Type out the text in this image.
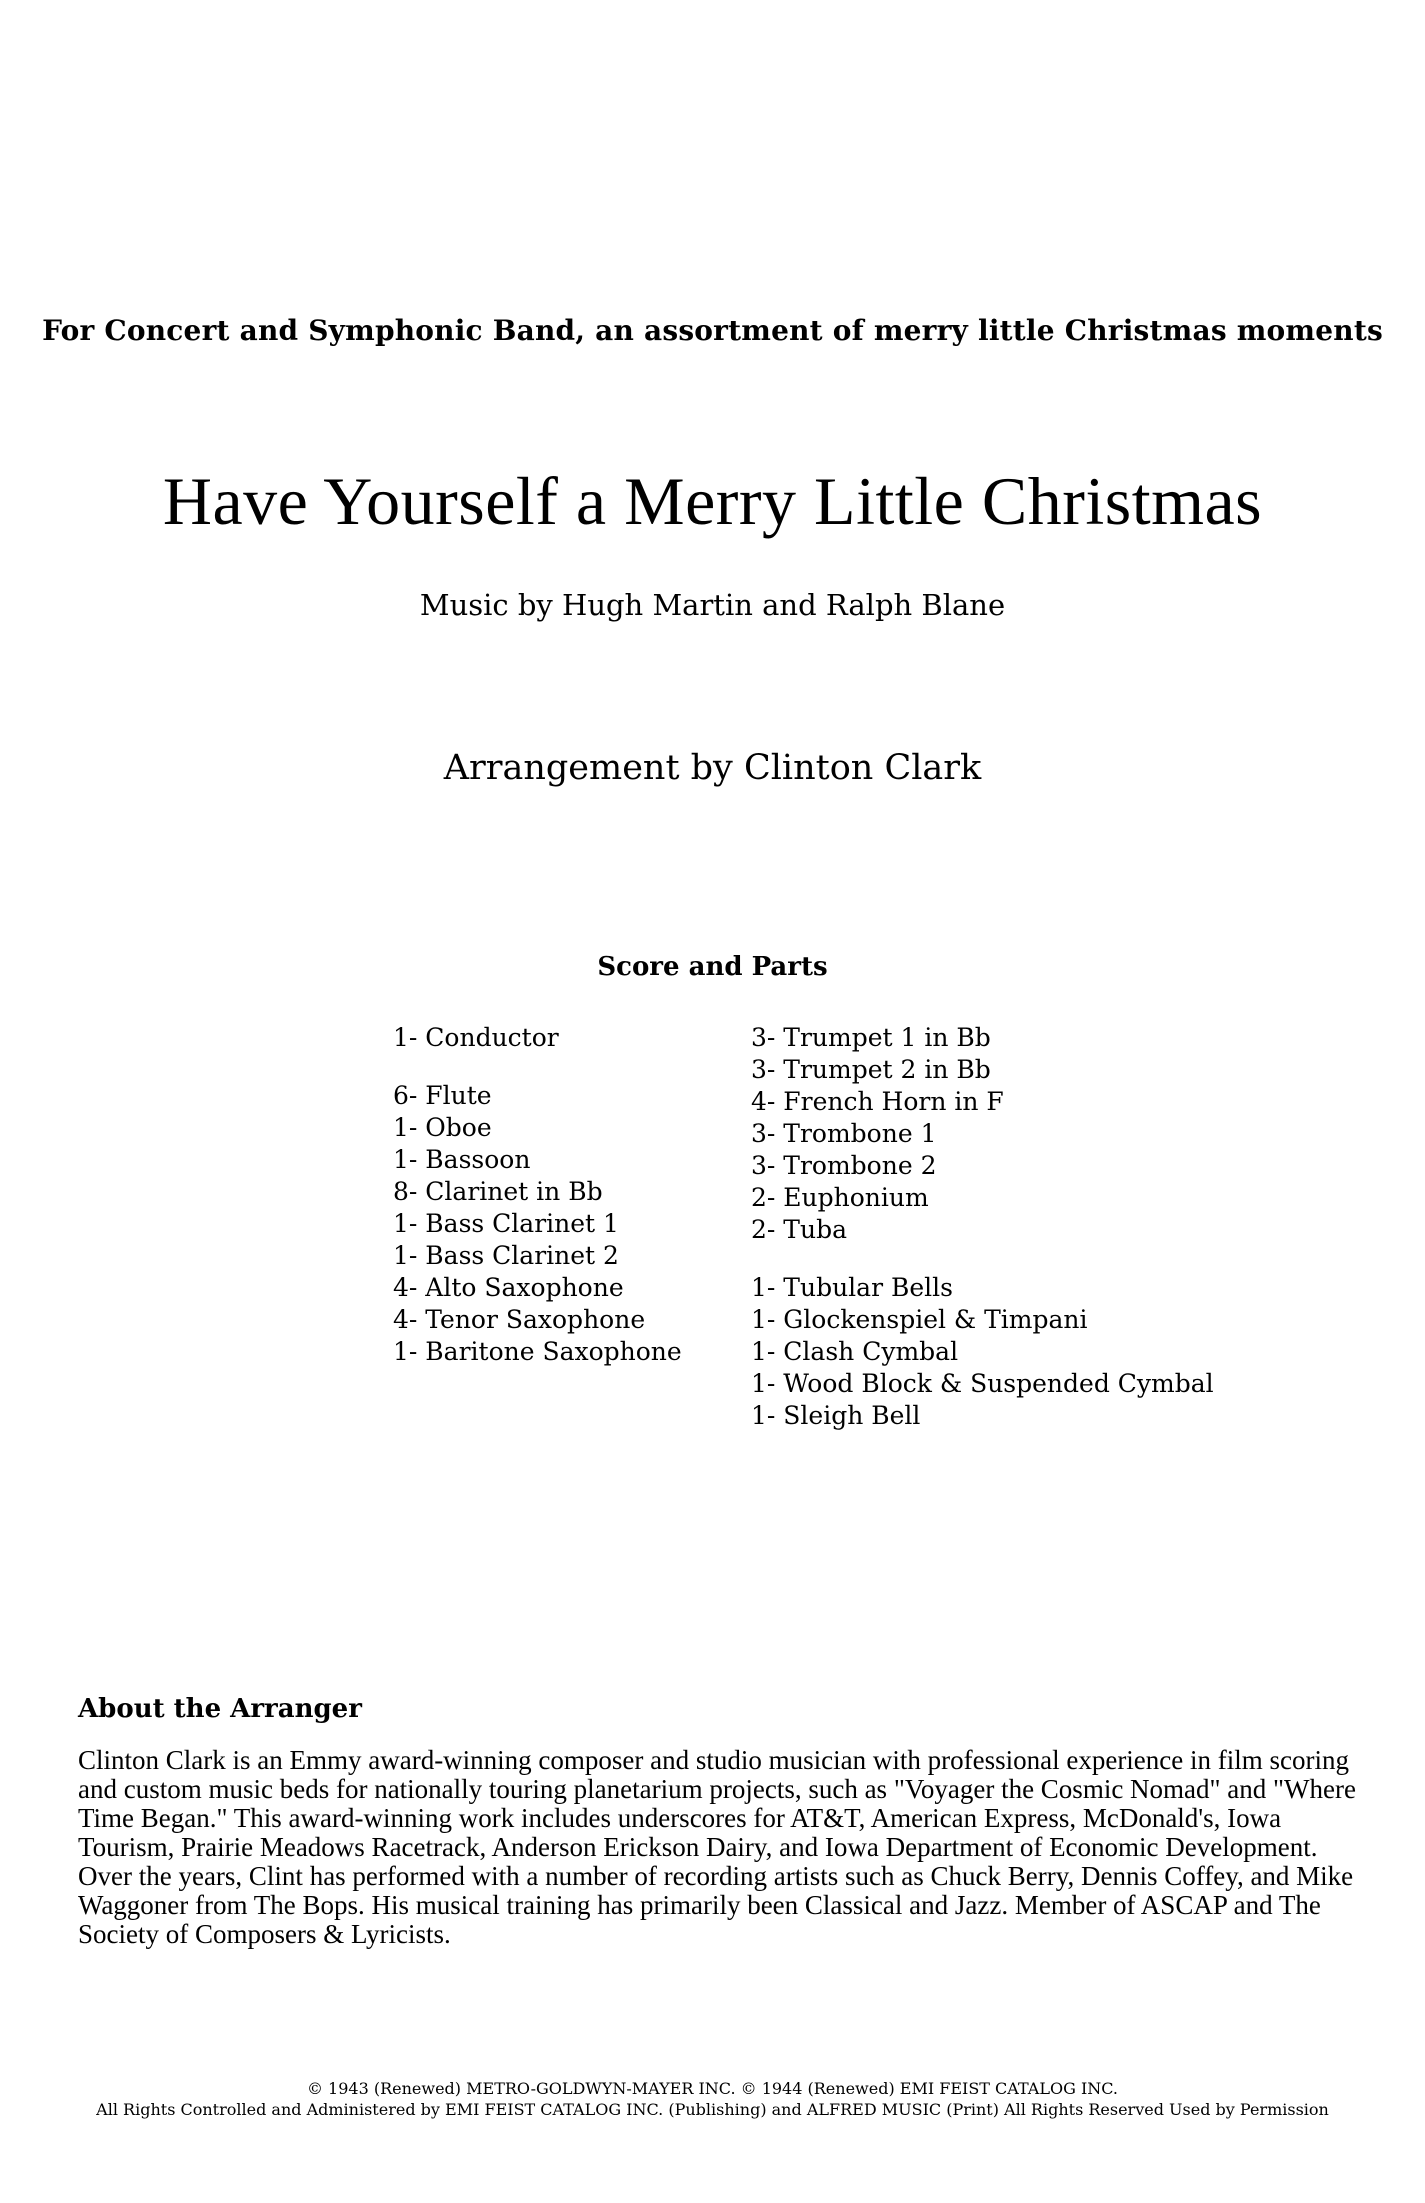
For Concert and Symphonic Band, an assortment of merry little Christmas moments
Have Yourself a Merry Little Christmas
Music by Hugh Martin and Ralph Blane
Arrangement by Clinton Clark
Score and Parts
1- Conductor
6- Flute
1- Oboe
1- Bassoon
8- Clarinet in Bb
1- Bass Clarinet 1
1- Bass Clarinet 2
4- Alto Saxophone
4- Tenor Saxophone
1- Baritone Saxophone
3- Trumpet 1 in Bb
3- Trumpet 2 in Bb
4- French Horn in F
3- Trombone 1
3- Trombone 2
2- Euphonium
2- Tuba
1- Tubular Bells
1- Glockenspiel & Timpani
1- Clash Cymbal
1- Wood Block & Suspended Cymbal
1- Sleigh Bell
About the Arranger
Clinton Clark is an Emmy award-winning composer and studio musician with professional experience in film scoring and custom music beds for nationally touring planetarium projects, such as "Voyager the Cosmic Nomad" and "Where Time Began." This award-winning work includes underscores for AT&T, American Express, McDonald's, Iowa Tourism, Prairie Meadows Racetrack, Anderson Erickson Dairy, and Iowa Department of Economic Development. Over the years, Clint has performed with a number of recording artists such as Chuck Berry, Dennis Coffey, and Mike Waggoner from The Bops. His musical training has primarily been Classical and Jazz. Member of ASCAP and The Society of Composers & Lyricists.
© 1943 (Renewed) METRO-GOLDWYN-MAYER INC. © 1944 (Renewed) EMI FEIST CATALOG INC.
All Rights Controlled and Administered by EMI FEIST CATALOG INC. (Publishing) and ALFRED MUSIC (Print) All Rights Reserved Used by Permission
